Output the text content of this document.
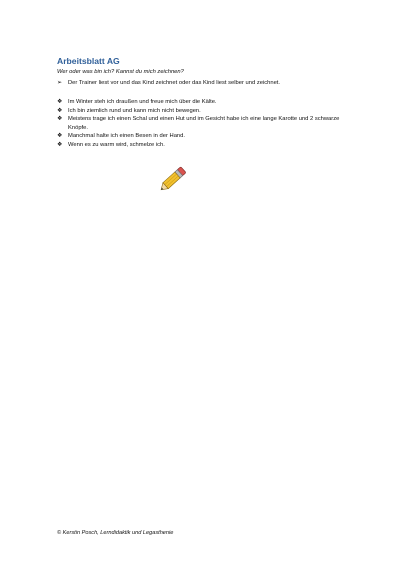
Arbeitsblatt AG
Wer oder was bin ich? Kannst du mich zeichnen?
➢ Der Trainer liest vor und das Kind zeichnet oder das Kind liest selber und zeichnet.
❖ Im Winter steh ich draußen und freue mich über die Kälte.
❖ Ich bin ziemlich rund und kann mich nicht bewegen.
❖ Meistens trage ich einen Schal und einen Hut und im Gesicht habe ich eine lange Karotte und 2 schwarze Knöpfe.
❖ Manchmal halte ich einen Besen in der Hand.
❖ Wenn es zu warm wird, schmelze ich.
© Kerstin Posch, Lerndidaktik und Legasthenie
